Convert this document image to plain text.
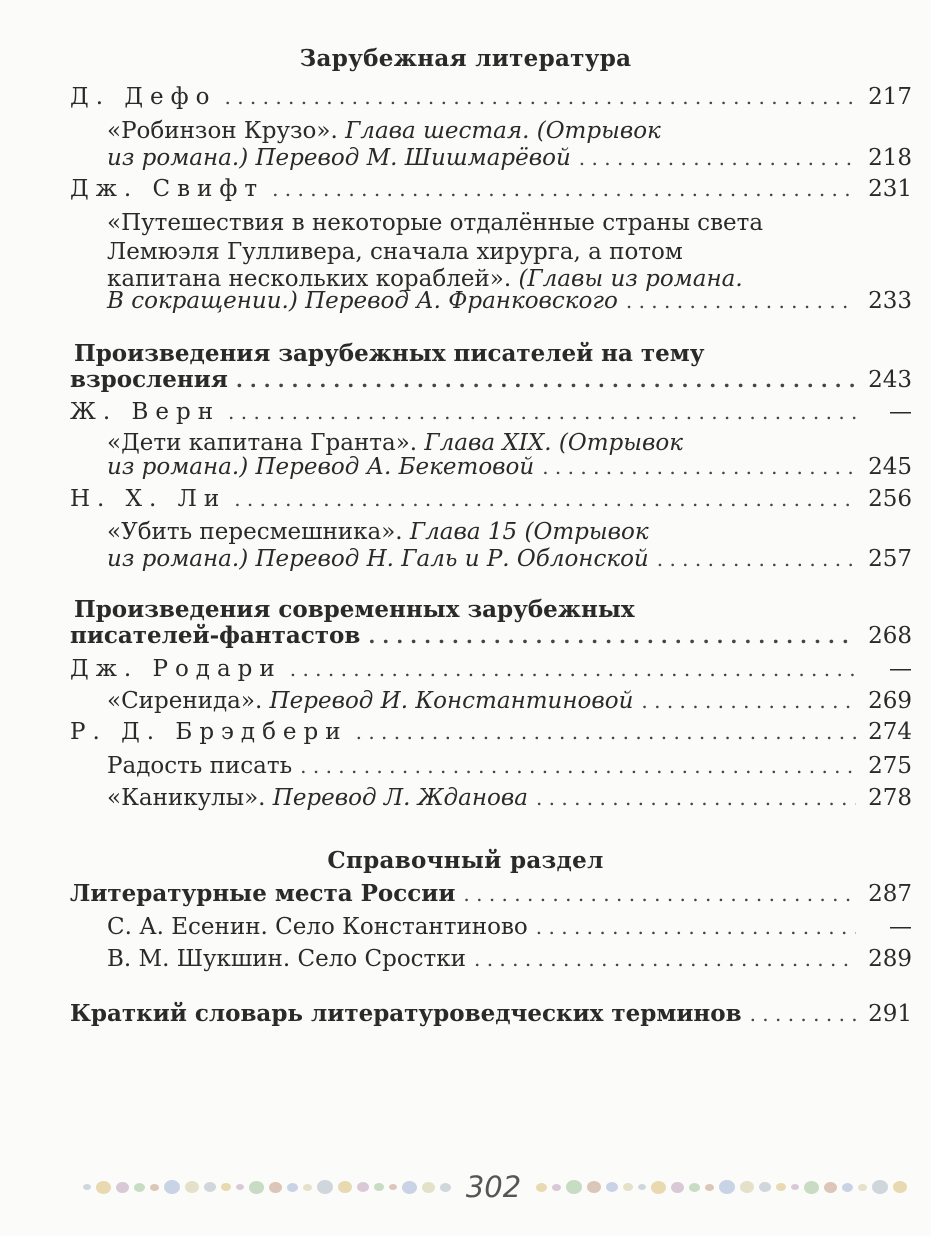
Зарубежная литература
Д. Дефо . . .	217
«Робинзон Крузо». Глава шестая. (Отрывок
из романа.) Перевод М. Шишмарёвой . . .	218
Дж. Свифт . . .	231
«Путешествия в некоторые отдалённые страны света
Лемюэля Гулливера, сначала хирурга, а потом
капитана нескольких кораблей». (Главы из романа.
В сокращении.) Перевод А. Франковского . . .	233
Произведения зарубежных писателей на тему
взросления . . .	243
Ж. Верн . . .	—
«Дети капитана Гранта». Глава XIX. (Отрывок
из романа.) Перевод А. Бекетовой . . .	245
Н. Х. Ли . . .	256
«Убить пересмешника». Глава 15 (Отрывок
из романа.) Перевод Н. Галь и Р. Облонской . . .	257
Произведения современных зарубежных
писателей-фантастов . . .	268
Дж. Родари . . .	—
«Сиренида». Перевод И. Константиновой . . .	269
Р. Д. Брэдбери . . .	274
Радость писать . . .	275
«Каникулы». Перевод Л. Жданова . . .	278
Справочный раздел
Литературные места России . . .	287
С. А. Есенин. Село Константиново . . .	—
В. М. Шукшин. Село Сростки . . .	289
Краткий словарь литературоведческих терминов . . .	291
302
